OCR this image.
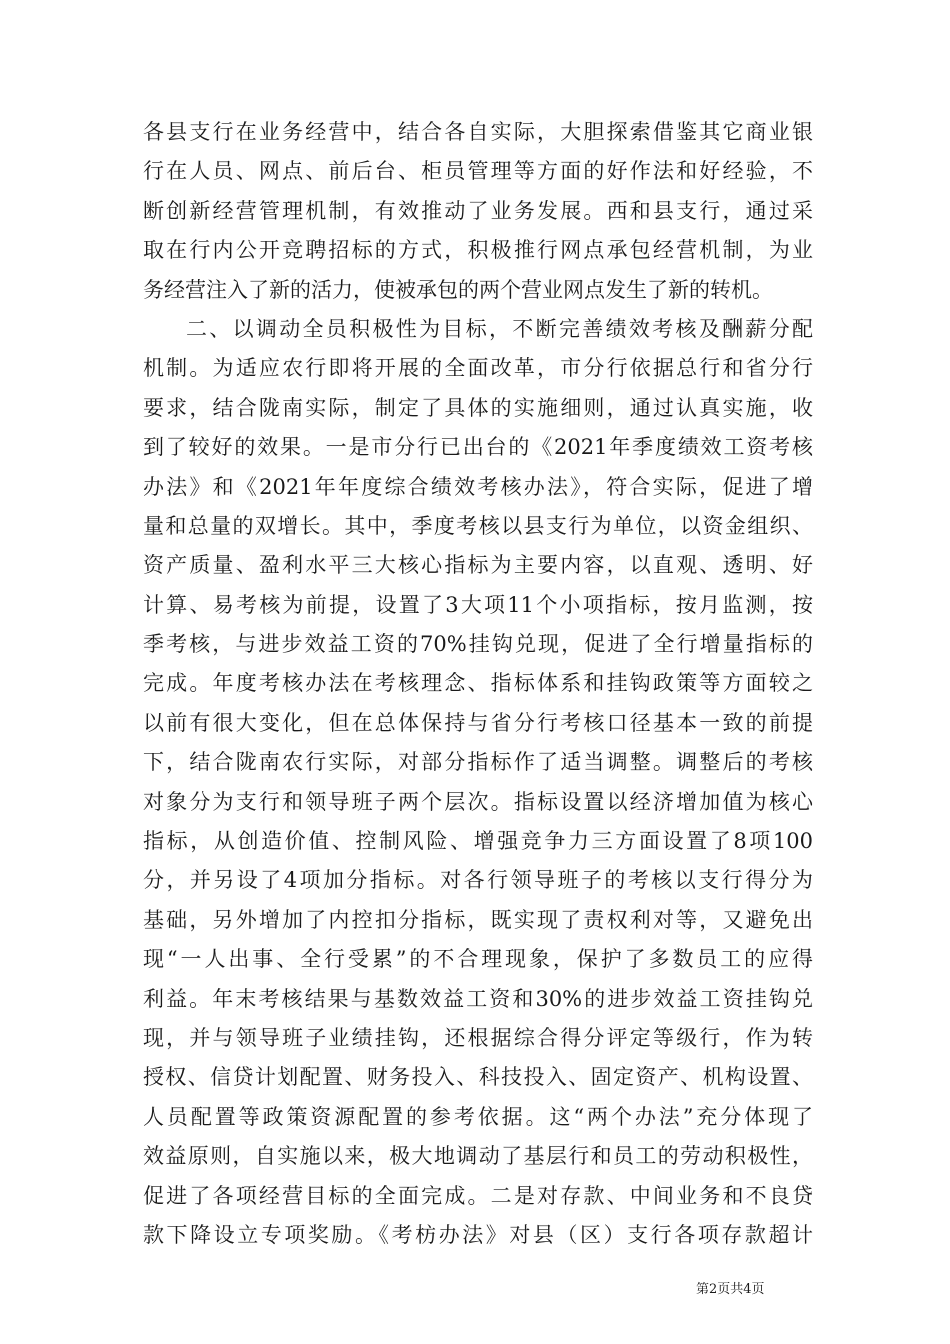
各县支行在业务经营中，结合各自实际，大胆探索借鉴其它商业银
行在人员、网点、前后台、柜员管理等方面的好作法和好经验，不
断创新经营管理机制，有效推动了业务发展。西和县支行，通过采
取在行内公开竞聘招标的方式，积极推行网点承包经营机制，为业
务经营注入了新的活力，使被承包的两个营业网点发生了新的转机。
二、以调动全员积极性为目标，不断完善绩效考核及酬薪分配
机制。为适应农行即将开展的全面改革，市分行依据总行和省分行
要求，结合陇南实际，制定了具体的实施细则，通过认真实施，收
到了较好的效果。一是市分行已出台的《2021年季度绩效工资考核
办法》和《2021年年度综合绩效考核办法》，符合实际，促进了增
量和总量的双增长。其中，季度考核以县支行为单位，以资金组织、
资产质量、盈利水平三大核心指标为主要内容，以直观、透明、好
计算、易考核为前提，设置了3大项11个小项指标，按月监测，按
季考核，与进步效益工资的70%挂钩兑现，促进了全行增量指标的
完成。年度考核办法在考核理念、指标体系和挂钩政策等方面较之
以前有很大变化，但在总体保持与省分行考核口径基本一致的前提
下，结合陇南农行实际，对部分指标作了适当调整。调整后的考核
对象分为支行和领导班子两个层次。指标设置以经济增加值为核心
指标，从创造价值、控制风险、增强竞争力三方面设置了8项100
分，并另设了4项加分指标。对各行领导班子的考核以支行得分为
基础，另外增加了内控扣分指标，既实现了责权利对等，又避免出
现“一人出事、全行受累”的不合理现象，保护了多数员工的应得
利益。年末考核结果与基数效益工资和30%的进步效益工资挂钩兑
现，并与领导班子业绩挂钩，还根据综合得分评定等级行，作为转
授权、信贷计划配置、财务投入、科技投入、固定资产、机构设置、
人员配置等政策资源配置的参考依据。这“两个办法”充分体现了
效益原则，自实施以来，极大地调动了基层行和员工的劳动积极性，
促进了各项经营目标的全面完成。二是对存款、中间业务和不良贷
款下降设立专项奖励。《考枋办法》对县（区）支行各项存款超计
第2页共4页
